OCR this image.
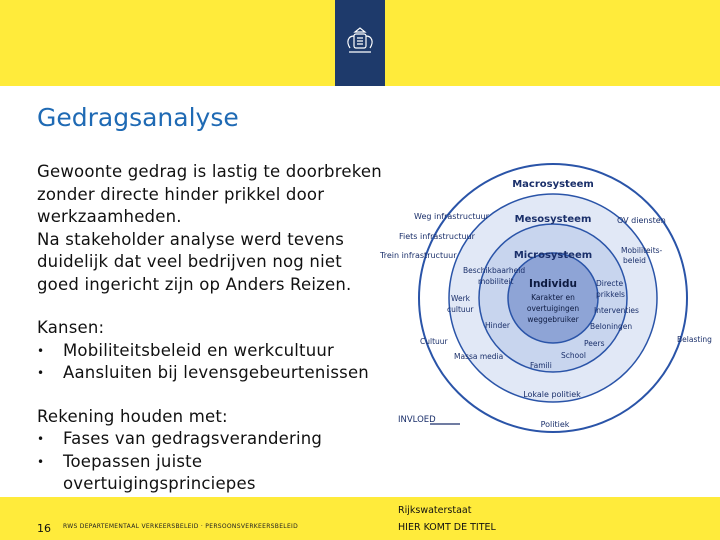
Gedragsanalyse

Gewoonte gedrag is lastig te doorbreken

zonder directe hinder prikkel door

werkzaamheden.

Na stakeholder analyse werd tevens

duidelijk dat veel bedrijven nog niet

goed ingericht zijn op Anders Reizen.

Kansen:

•	Mobiliteitsbeleid en werkcultuur
•	Aansluiten bij levensgebeurtenissen

Rekening houden met:

•	Fases van gedragsverandering
•	Toepassen juiste
overtuigingsprinciepes
Macrosysteem
Mesosysteem
Microsysteem
Individu
Karakter en
overtuigingen
weggebruiker
Weg infrastructuur
Fiets infrastructuur
Trein infrastructuur
OV diensten
Mobiliteits-
beleid
Beschikbaarheid
mobiliteit	Directe
prikkels
Werk
cultuur	Interventies
Hinder	Beloningen
Cultuur	Peers	Belasting
Massa media	School
Famili
Lokale politiek
INVLOED	Politiek
16 RWS DEPARTEMENTAAL VERKEERSBELEID · PERSOONSVERKEERSBELEID
Rijkswaterstaat
HIER KOMT DE TITEL
